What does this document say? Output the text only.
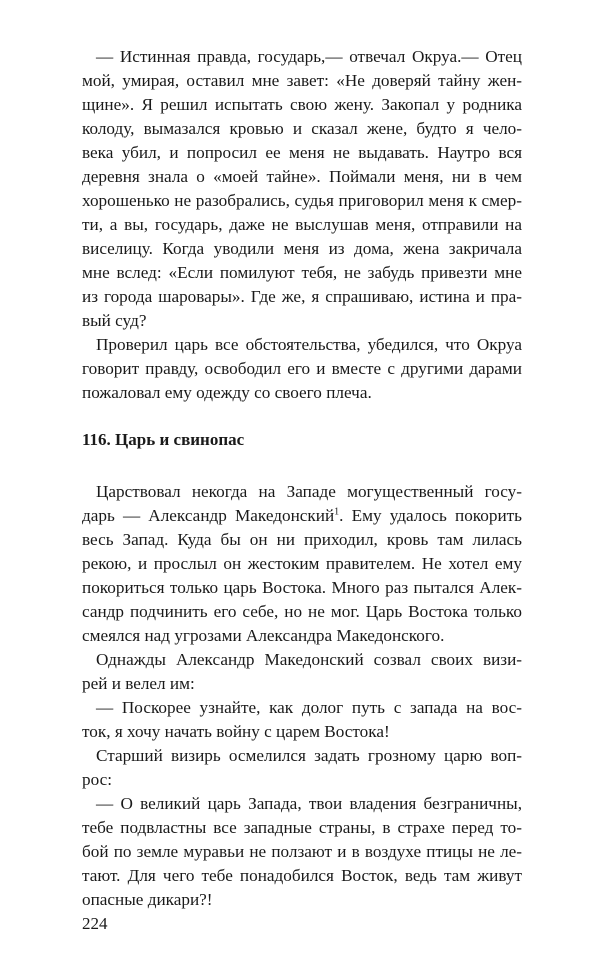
— Истинная правда, государь,— отвечал Окруа.— Отец
мой, умирая, оставил мне завет: «Не доверяй тайну жен-
щине». Я решил испытать свою жену. Закопал у родника
колоду, вымазался кровью и сказал жене, будто я чело-
века убил, и попросил ее меня не выдавать. Наутро вся
деревня знала о «моей тайне». Поймали меня, ни в чем
хорошенько не разобрались, судья приговорил меня к смер-
ти, а вы, государь, даже не выслушав меня, отправили на
виселицу. Когда уводили меня из дома, жена закричала
мне вслед: «Если помилуют тебя, не забудь привезти мне
из города шаровары». Где же, я спрашиваю, истина и пра-
вый суд?
Проверил царь все обстоятельства, убедился, что Окруа
говорит правду, освободил его и вместе с другими дарами
пожаловал ему одежду со своего плеча.
116. Царь и свинопас
Царствовал некогда на Западе могущественный госу-
дарь — Александр Македонский$^1$. Ему удалось покорить
весь Запад. Куда бы он ни приходил, кровь там лилась
рекою, и прослыл он жестоким правителем. Не хотел ему
покориться только царь Востока. Много раз пытался Алек-
сандр подчинить его себе, но не мог. Царь Востока только
смеялся над угрозами Александра Македонского.
Однажды Александр Македонский созвал своих визи-
рей и велел им:
— Поскорее узнайте, как долог путь с запада на вос-
ток, я хочу начать войну с царем Востока!
Старший визирь осмелился задать грозному царю воп-
рос:
— О великий царь Запада, твои владения безграничны,
тебе подвластны все западные страны, в страхе перед то-
бой по земле муравьи не ползают и в воздухе птицы не ле-
тают. Для чего тебе понадобился Восток, ведь там живут
опасные дикари?!
224
